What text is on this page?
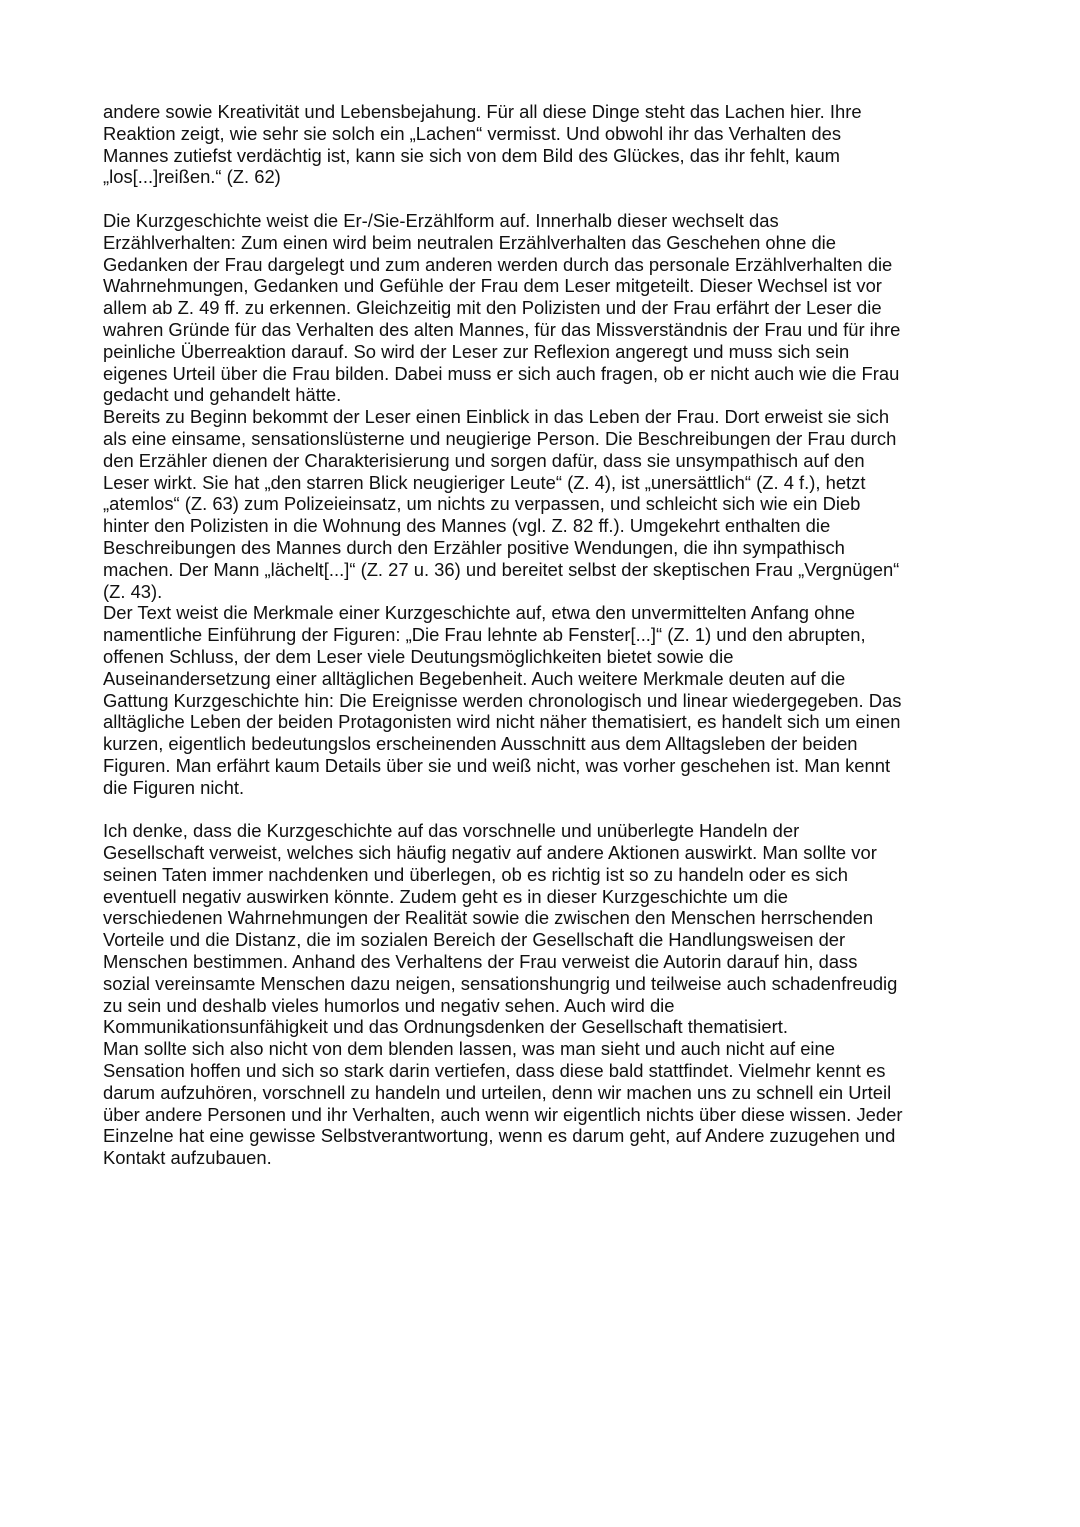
andere sowie Kreativität und Lebensbejahung. Für all diese Dinge steht das Lachen hier. Ihre
Reaktion zeigt, wie sehr sie solch ein „Lachen“ vermisst. Und obwohl ihr das Verhalten des
Mannes zutiefst verdächtig ist, kann sie sich von dem Bild des Glückes, das ihr fehlt, kaum
„los[...]reißen.“ (Z. 62)
Die Kurzgeschichte weist die Er-/Sie-Erzählform auf. Innerhalb dieser wechselt das
Erzählverhalten: Zum einen wird beim neutralen Erzählverhalten das Geschehen ohne die
Gedanken der Frau dargelegt und zum anderen werden durch das personale Erzählverhalten die
Wahrnehmungen, Gedanken und Gefühle der Frau dem Leser mitgeteilt. Dieser Wechsel ist vor
allem ab Z. 49 ff. zu erkennen. Gleichzeitig mit den Polizisten und der Frau erfährt der Leser die
wahren Gründe für das Verhalten des alten Mannes, für das Missverständnis der Frau und für ihre
peinliche Überreaktion darauf. So wird der Leser zur Reflexion angeregt und muss sich sein
eigenes Urteil über die Frau bilden. Dabei muss er sich auch fragen, ob er nicht auch wie die Frau
gedacht und gehandelt hätte.
Bereits zu Beginn bekommt der Leser einen Einblick in das Leben der Frau. Dort erweist sie sich
als eine einsame, sensationslüsterne und neugierige Person. Die Beschreibungen der Frau durch
den Erzähler dienen der Charakterisierung und sorgen dafür, dass sie unsympathisch auf den
Leser wirkt. Sie hat „den starren Blick neugieriger Leute“ (Z. 4), ist „unersättlich“ (Z. 4 f.), hetzt
„atemlos“ (Z. 63) zum Polizeieinsatz, um nichts zu verpassen, und schleicht sich wie ein Dieb
hinter den Polizisten in die Wohnung des Mannes (vgl. Z. 82 ff.). Umgekehrt enthalten die
Beschreibungen des Mannes durch den Erzähler positive Wendungen, die ihn sympathisch
machen. Der Mann „lächelt[...]“ (Z. 27 u. 36) und bereitet selbst der skeptischen Frau „Vergnügen“
(Z. 43).
Der Text weist die Merkmale einer Kurzgeschichte auf, etwa den unvermittelten Anfang ohne
namentliche Einführung der Figuren: „Die Frau lehnte ab Fenster[...]“ (Z. 1) und den abrupten,
offenen Schluss, der dem Leser viele Deutungsmöglichkeiten bietet sowie die
Auseinandersetzung einer alltäglichen Begebenheit. Auch weitere Merkmale deuten auf die
Gattung Kurzgeschichte hin: Die Ereignisse werden chronologisch und linear wiedergegeben. Das
alltägliche Leben der beiden Protagonisten wird nicht näher thematisiert, es handelt sich um einen
kurzen, eigentlich bedeutungslos erscheinenden Ausschnitt aus dem Alltagsleben der beiden
Figuren. Man erfährt kaum Details über sie und weiß nicht, was vorher geschehen ist. Man kennt
die Figuren nicht.
Ich denke, dass die Kurzgeschichte auf das vorschnelle und unüberlegte Handeln der
Gesellschaft verweist, welches sich häufig negativ auf andere Aktionen auswirkt. Man sollte vor
seinen Taten immer nachdenken und überlegen, ob es richtig ist so zu handeln oder es sich
eventuell negativ auswirken könnte. Zudem geht es in dieser Kurzgeschichte um die
verschiedenen Wahrnehmungen der Realität sowie die zwischen den Menschen herrschenden
Vorteile und die Distanz, die im sozialen Bereich der Gesellschaft die Handlungsweisen der
Menschen bestimmen. Anhand des Verhaltens der Frau verweist die Autorin darauf hin, dass
sozial vereinsamte Menschen dazu neigen, sensationshungrig und teilweise auch schadenfreudig
zu sein und deshalb vieles humorlos und negativ sehen. Auch wird die
Kommunikationsunfähigkeit und das Ordnungsdenken der Gesellschaft thematisiert.
Man sollte sich also nicht von dem blenden lassen, was man sieht und auch nicht auf eine
Sensation hoffen und sich so stark darin vertiefen, dass diese bald stattfindet. Vielmehr kennt es
darum aufzuhören, vorschnell zu handeln und urteilen, denn wir machen uns zu schnell ein Urteil
über andere Personen und ihr Verhalten, auch wenn wir eigentlich nichts über diese wissen. Jeder
Einzelne hat eine gewisse Selbstverantwortung, wenn es darum geht, auf Andere zuzugehen und
Kontakt aufzubauen.
